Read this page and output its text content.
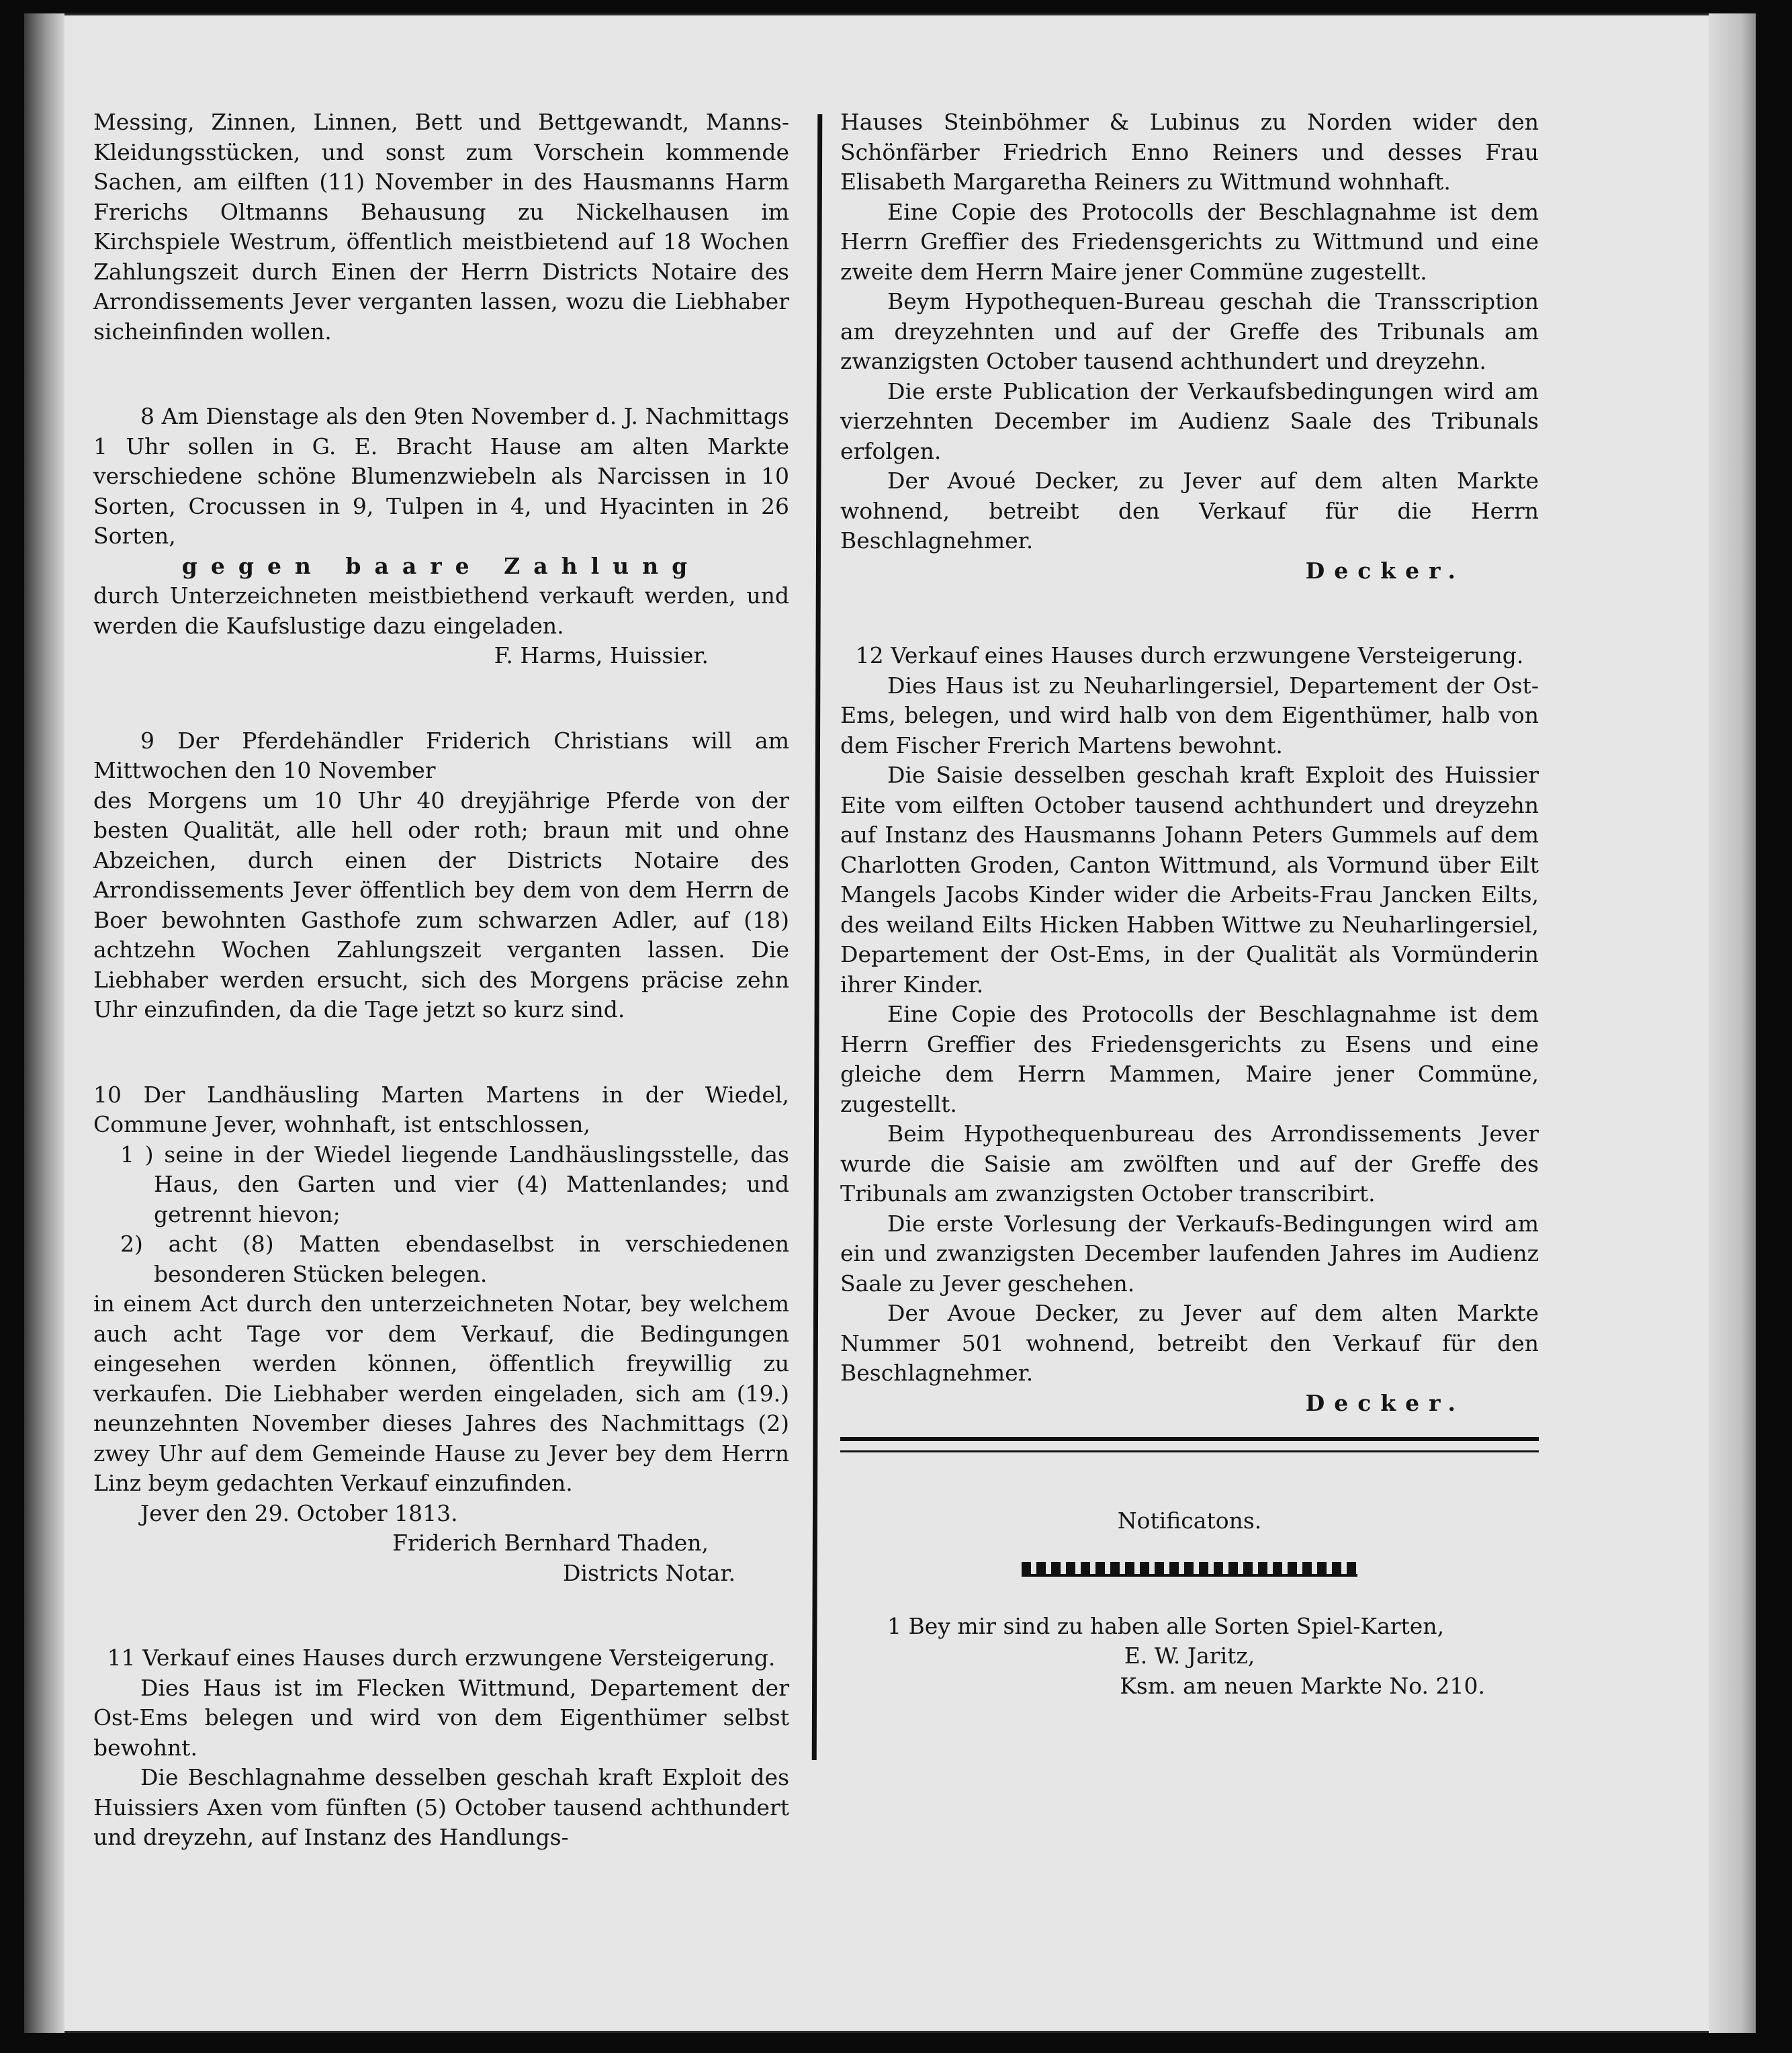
Messing, Zinnen, Linnen, Bett und Bettgewandt, Manns-Kleidungsstücken, und sonst zum Vorschein kommende Sachen, am eilften (11) November in des Hausmanns Harm Frerichs Oltmanns Behausung zu Nickelhausen im Kirchspiele Westrum, öffentlich meistbietend auf 18 Wochen Zahlungszeit durch Einen der Herrn Districts Notaire des Arrondissements Jever verganten lassen, wozu die Liebhaber sicheinfinden wollen.

8 Am Dienstage als den 9ten November d. J. Nachmittags 1 Uhr sollen in G. E. Bracht Hause am alten Markte verschiedene schöne Blumenzwiebeln als Narcissen in 10 Sorten, Crocussen in 9, Tulpen in 4, und Hyacinten in 26 Sorten,

gegen baare Zahlung

durch Unterzeichneten meistbiethend verkauft werden, und werden die Kaufslustige dazu eingeladen.

F. Harms, Huissier.

9 Der Pferdehändler Friderich Christians will am Mittwochen den 10 November

des Morgens um 10 Uhr 40 dreyjährige Pferde von der besten Qualität, alle hell oder roth; braun mit und ohne Abzeichen, durch einen der Districts Notaire des Arrondissements Jever öffentlich bey dem von dem Herrn de Boer bewohnten Gasthofe zum schwarzen Adler, auf (18) achtzehn Wochen Zahlungszeit verganten lassen. Die Liebhaber werden ersucht, sich des Morgens präcise zehn Uhr einzufinden, da die Tage jetzt so kurz sind.

10 Der Landhäusling Marten Martens in der Wiedel, Commune Jever, wohnhaft, ist entschlossen,

1 ) seine in der Wiedel liegende Landhäuslingsstelle, das Haus, den Garten und vier (4) Mattenlandes; und getrennt hievon;

2) acht (8) Matten ebendaselbst in verschiedenen besonderen Stücken belegen.

in einem Act durch den unterzeichneten Notar, bey welchem auch acht Tage vor dem Verkauf, die Bedingungen eingesehen werden können, öffentlich freywillig zu verkaufen. Die Liebhaber werden eingeladen, sich am (19.) neunzehnten November dieses Jahres des Nachmittags (2) zwey Uhr auf dem Gemeinde Hause zu Jever bey dem Herrn Linz beym gedachten Verkauf einzufinden.

Jever den 29. October 1813.

Friderich Bernhard Thaden,

Districts Notar.

11 Verkauf eines Hauses durch erzwungene Versteigerung.

Dies Haus ist im Flecken Wittmund, Departement der Ost-Ems belegen und wird von dem Eigenthümer selbst bewohnt.

Die Beschlagnahme desselben geschah kraft Exploit des Huissiers Axen vom fünften (5) October tausend achthundert und dreyzehn, auf Instanz des Handlungs-

Hauses Steinböhmer & Lubinus zu Norden wider den Schönfärber Friedrich Enno Reiners und desses Frau Elisabeth Margaretha Reiners zu Wittmund wohnhaft.

Eine Copie des Protocolls der Beschlagnahme ist dem Herrn Greffier des Friedensgerichts zu Wittmund und eine zweite dem Herrn Maire jener Commüne zugestellt.

Beym Hypothequen-Bureau geschah die Transscription am dreyzehnten und auf der Greffe des Tribunals am zwanzigsten October tausend achthundert und dreyzehn.

Die erste Publication der Verkaufsbedingungen wird am vierzehnten December im Audienz Saale des Tribunals erfolgen.

Der Avoué Decker, zu Jever auf dem alten Markte wohnend, betreibt den Verkauf für die Herrn Beschlagnehmer.

Decker.

12 Verkauf eines Hauses durch erzwungene Versteigerung.

Dies Haus ist zu Neuharlingersiel, Departement der Ost-Ems, belegen, und wird halb von dem Eigenthümer, halb von dem Fischer Frerich Martens bewohnt.

Die Saisie desselben geschah kraft Exploit des Huissier Eite vom eilften October tausend achthundert und dreyzehn auf Instanz des Hausmanns Johann Peters Gummels auf dem Charlotten Groden, Canton Wittmund, als Vormund über Eilt Mangels Jacobs Kinder wider die Arbeits-Frau Jancken Eilts, des weiland Eilts Hicken Habben Wittwe zu Neuharlingersiel, Departement der Ost-Ems, in der Qualität als Vormünderin ihrer Kinder.

Eine Copie des Protocolls der Beschlagnahme ist dem Herrn Greffier des Friedensgerichts zu Esens und eine gleiche dem Herrn Mammen, Maire jener Commüne, zugestellt.

Beim Hypothequenbureau des Arrondissements Jever wurde die Saisie am zwölften und auf der Greffe des Tribunals am zwanzigsten October transcribirt.

Die erste Vorlesung der Verkaufs-Bedingungen wird am ein und zwanzigsten December laufenden Jahres im Audienz Saale zu Jever geschehen.

Der Avoue Decker, zu Jever auf dem alten Markte Nummer 501 wohnend, betreibt den Verkauf für den Beschlagnehmer.

Decker.

Notificatons.

1 Bey mir sind zu haben alle Sorten Spiel-Karten,

E. W. Jaritz,

Ksm. am neuen Markte No. 210.
